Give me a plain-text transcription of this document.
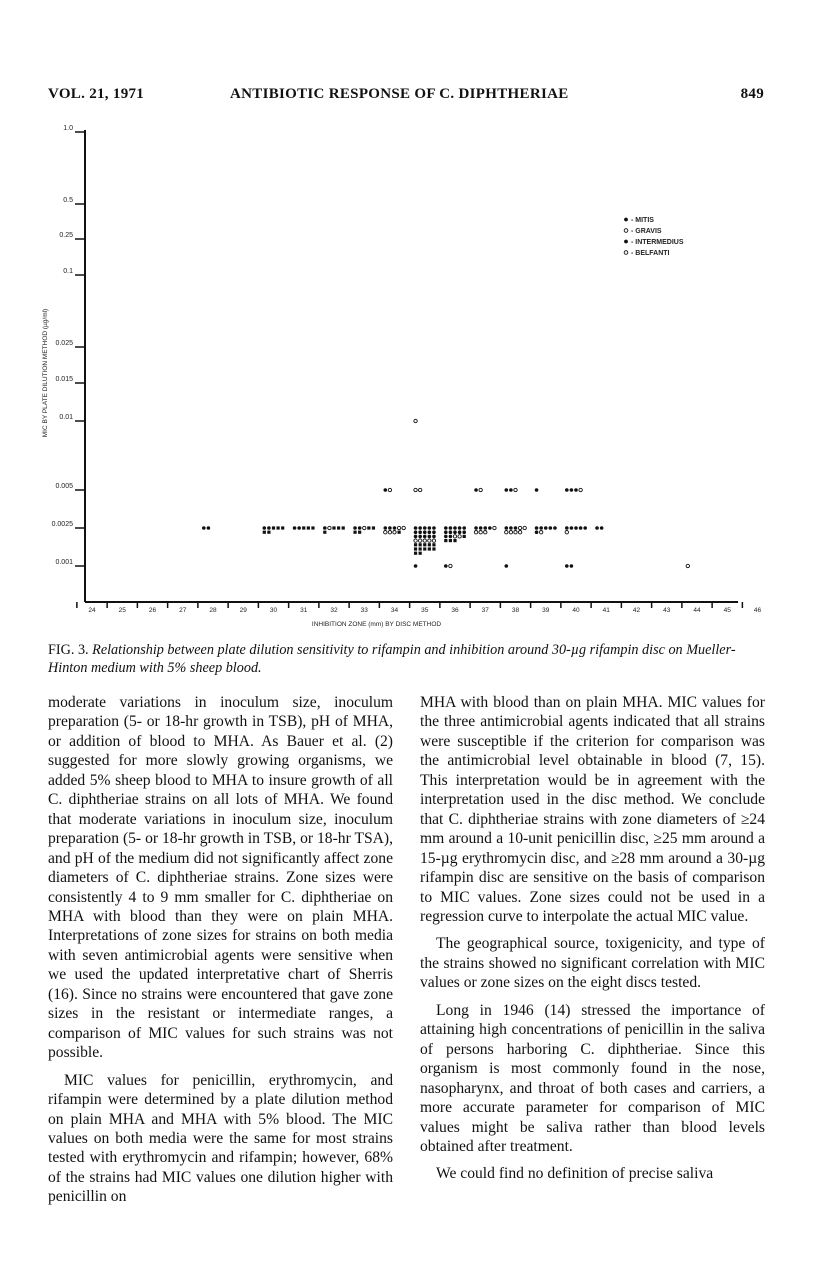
VOL. 21, 1971	ANTIBIOTIC RESPONSE OF C. DIPHTHERIAE	849
1.0
0.5
0.25
0.1
0.025
0.015
0.01
0.005
0.0025
0.001
24	25	26	27	28	29	30	31	32	33	34	35	36	37	38	39	40	41	42	43	44	45	46
INHIBITION ZONE (mm) BY DISC METHOD
MIC BY PLATE DILUTION METHOD (µg/ml)
- MITIS
- GRAVIS
- INTERMEDIUS
- BELFANTI
FIG. 3. Relationship between plate dilution sensitivity to rifampin and inhibition around 30-µg rifampin disc on Mueller-Hinton medium with 5% sheep blood.

moderate variations in inoculum size, inoculum preparation (5- or 18-hr growth in TSB), pH of MHA, or addition of blood to MHA. As Bauer et al. (2) suggested for more slowly growing organisms, we added 5% sheep blood to MHA to insure growth of all C. diphtheriae strains on all lots of MHA. We found that moderate variations in inoculum size, inoculum preparation (5- or 18-hr growth in TSB, or 18-hr TSA), and pH of the medium did not significantly affect zone diameters of C. diphtheriae strains. Zone sizes were consistently 4 to 9 mm smaller for C. diphtheriae on MHA with blood than they were on plain MHA. Interpretations of zone sizes for strains on both media with seven antimicrobial agents were sensitive when we used the updated interpretative chart of Sherris (16). Since no strains were encountered that gave zone sizes in the resistant or intermediate ranges, a comparison of MIC values for such strains was not possible.

MIC values for penicillin, erythromycin, and rifampin were determined by a plate dilution method on plain MHA and MHA with 5% blood. The MIC values on both media were the same for most strains tested with erythromycin and rifampin; however, 68% of the strains had MIC values one dilution higher with penicillin on

MHA with blood than on plain MHA. MIC values for the three antimicrobial agents indicated that all strains were susceptible if the criterion for comparison was the antimicrobial level obtainable in blood (7, 15). This interpretation would be in agreement with the interpretation used in the disc method. We conclude that C. diphtheriae strains with zone diameters of ≥24 mm around a 10-unit penicillin disc, ≥25 mm around a 15-µg erythromycin disc, and ≥28 mm around a 30-µg rifampin disc are sensitive on the basis of comparison to MIC values. Zone sizes could not be used in a regression curve to interpolate the actual MIC value.

The geographical source, toxigenicity, and type of the strains showed no significant correlation with MIC values or zone sizes on the eight discs tested.

Long in 1946 (14) stressed the importance of attaining high concentrations of penicillin in the saliva of persons harboring C. diphtheriae. Since this organism is most commonly found in the nose, nasopharynx, and throat of both cases and carriers, a more accurate parameter for comparison of MIC values might be saliva rather than blood levels obtained after treatment.

We could find no definition of precise saliva
